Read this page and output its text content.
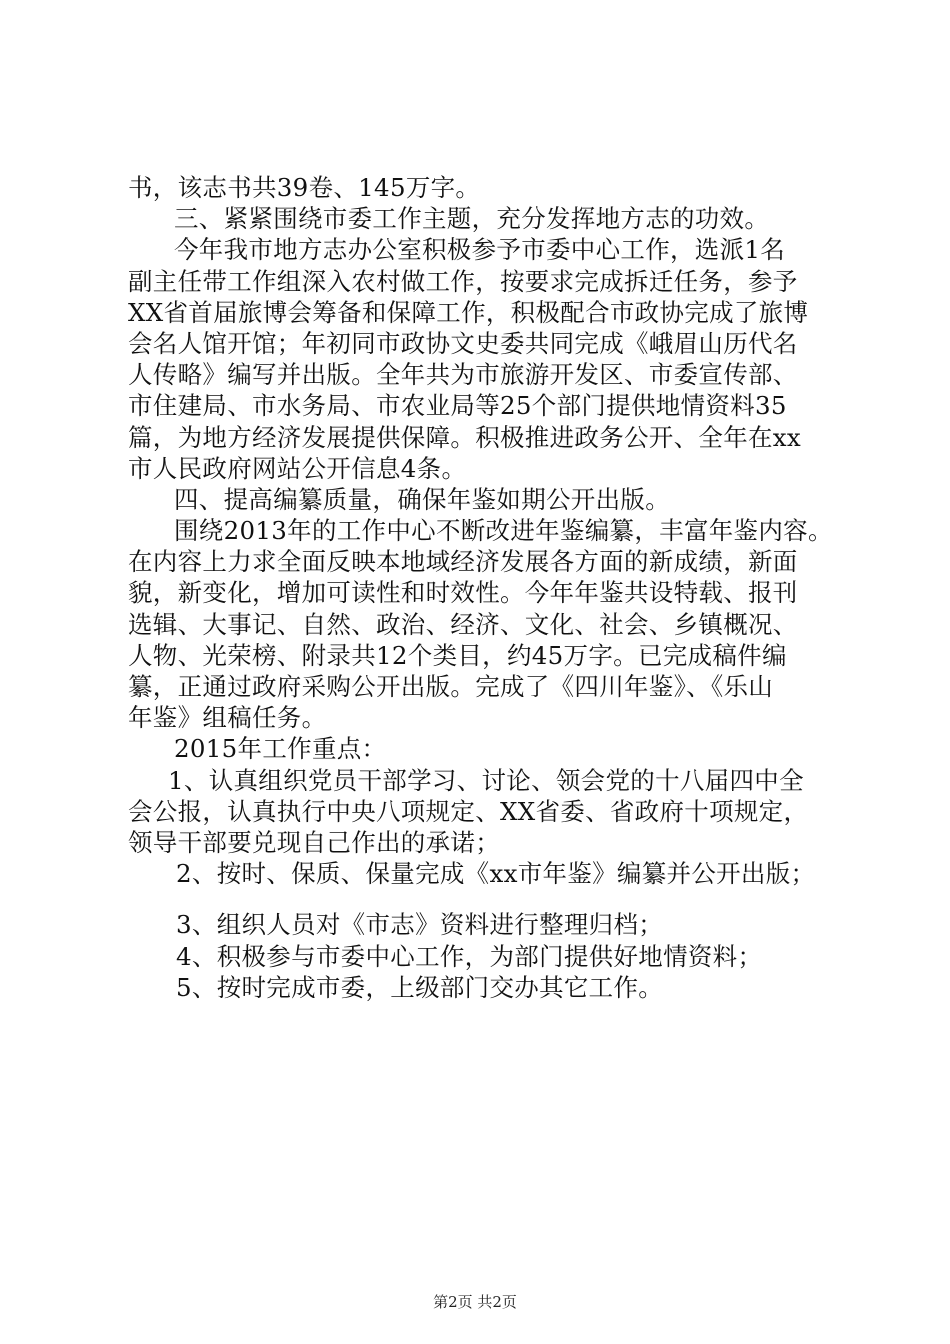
书，该志书共39卷、145万字。
三、紧紧围绕市委工作主题，充分发挥地方志的功效。
今年我市地方志办公室积极参予市委中心工作，选派1名
副主任带工作组深入农村做工作，按要求完成拆迁任务，参予
XX省首届旅博会筹备和保障工作，积极配合市政协完成了旅博
会名人馆开馆；年初同市政协文史委共同完成《峨眉山历代名
人传略》编写并出版。全年共为市旅游开发区、市委宣传部、
市住建局、市水务局、市农业局等25个部门提供地情资料35
篇，为地方经济发展提供保障。积极推进政务公开、全年在xx
市人民政府网站公开信息4条。
四、提高编纂质量，确保年鉴如期公开出版。
围绕2013年的工作中心不断改进年鉴编纂，丰富年鉴内容。
在内容上力求全面反映本地域经济发展各方面的新成绩，新面
貌，新变化，增加可读性和时效性。今年年鉴共设特载、报刊
选辑、大事记、自然、政治、经济、文化、社会、乡镇概况、
人物、光荣榜、附录共12个类目，约45万字。已完成稿件编
纂，正通过政府采购公开出版。完成了《四川年鉴》、《乐山
年鉴》组稿任务。
2015年工作重点：
1、认真组织党员干部学习、讨论、领会党的十八届四中全
会公报，认真执行中央八项规定、XX省委、省政府十项规定，
领导干部要兑现自己作出的承诺；
2、按时、保质、保量完成《xx市年鉴》编纂并公开出版；
3、组织人员对《市志》资料进行整理归档；
4、积极参与市委中心工作，为部门提供好地情资料；
5、按时完成市委，上级部门交办其它工作。
第2页 共2页
